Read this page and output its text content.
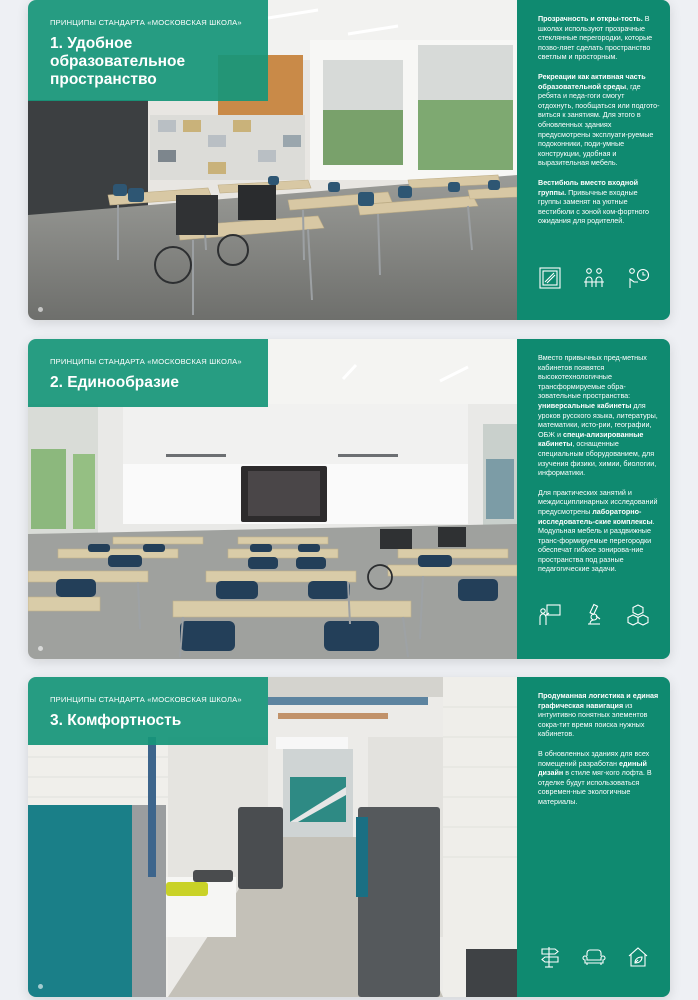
ПРИНЦИПЫ СТАНДАРТА «МОСКОВСКАЯ ШКОЛА»
1. Удобное
образовательное
пространство

Прозрачность и откры-тость. В школах используют прозрачные стеклянные перегородки, которые позво-ляет сделать пространство светлым и просторным.

Рекреации как активная часть образовательной среды, где ребята и педа-гоги смогут отдохнуть, пообщаться или подгото-виться к занятиям. Для этого в обновленных зданиях предусмотрены эксплуати-руемые подоконники, поди-умные конструкции, удобная и выразительная мебель.

Вестибюль вместо входной группы. Привычные входные группы заменят на уютные вестибюли с зоной ком-фортного ожидания для родителей.

ПРИНЦИПЫ СТАНДАРТА «МОСКОВСКАЯ ШКОЛА»
2. Единообразие

Вместо привычных пред-метных кабинетов появятся высокотехнологичные трансформируемые обра-зовательные пространства: универсальные кабинеты для уроков русского языка, литературы, математики, исто-рии, географии, ОБЖ и специ-ализированные кабинеты, оснащенные специальным оборудованием, для изучения физики, химии, биологии, информатики.

Для практических занятий и междисциплинарных исследований предусмотрены лабораторно-исследователь-ские комплексы. Модульная мебель и раздвижные транс-формируемые перегородки обеспечат гибкое зонирова-ние пространства под разные педагогические задачи.

ПРИНЦИПЫ СТАНДАРТА «МОСКОВСКАЯ ШКОЛА»
3. Комфортность

Продуманная логистика и единая графическая навигация из интуитивно понятных элементов сокра-тит время поиска нужных кабинетов.

В обновленных зданиях для всех помещений разработан единый дизайн в стиле мяг-кого лофта. В отделке будут использоваться современ-ные экологичные материалы.
